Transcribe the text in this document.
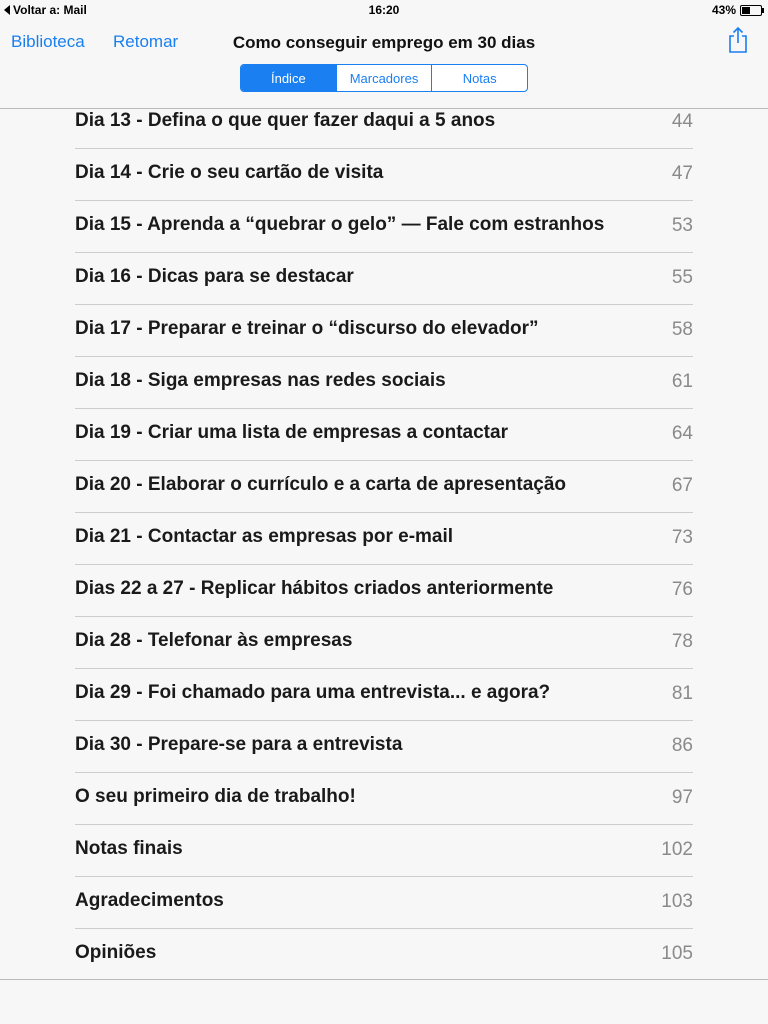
Voltar a: Mail	16:20	43%
Biblioteca Retomar	Como conseguir emprego em 30 dias
Índice	Marcadores	Notas
Dia 13 - Defina o que quer fazer daqui a 5 anos	44
Dia 14 - Crie o seu cartão de visita	47
Dia 15 - Aprenda a “quebrar o gelo” — Fale com estranhos	53
Dia 16 - Dicas para se destacar	55
Dia 17 - Preparar e treinar o “discurso do elevador”	58
Dia 18 - Siga empresas nas redes sociais	61
Dia 19 - Criar uma lista de empresas a contactar	64
Dia 20 - Elaborar o currículo e a carta de apresentação	67
Dia 21 - Contactar as empresas por e-mail	73
Dias 22 a 27 - Replicar hábitos criados anteriormente	76
Dia 28 - Telefonar às empresas	78
Dia 29 - Foi chamado para uma entrevista... e agora?	81
Dia 30 - Prepare-se para a entrevista	86
O seu primeiro dia de trabalho!	97
Notas finais	102
Agradecimentos	103
Opiniões	105
